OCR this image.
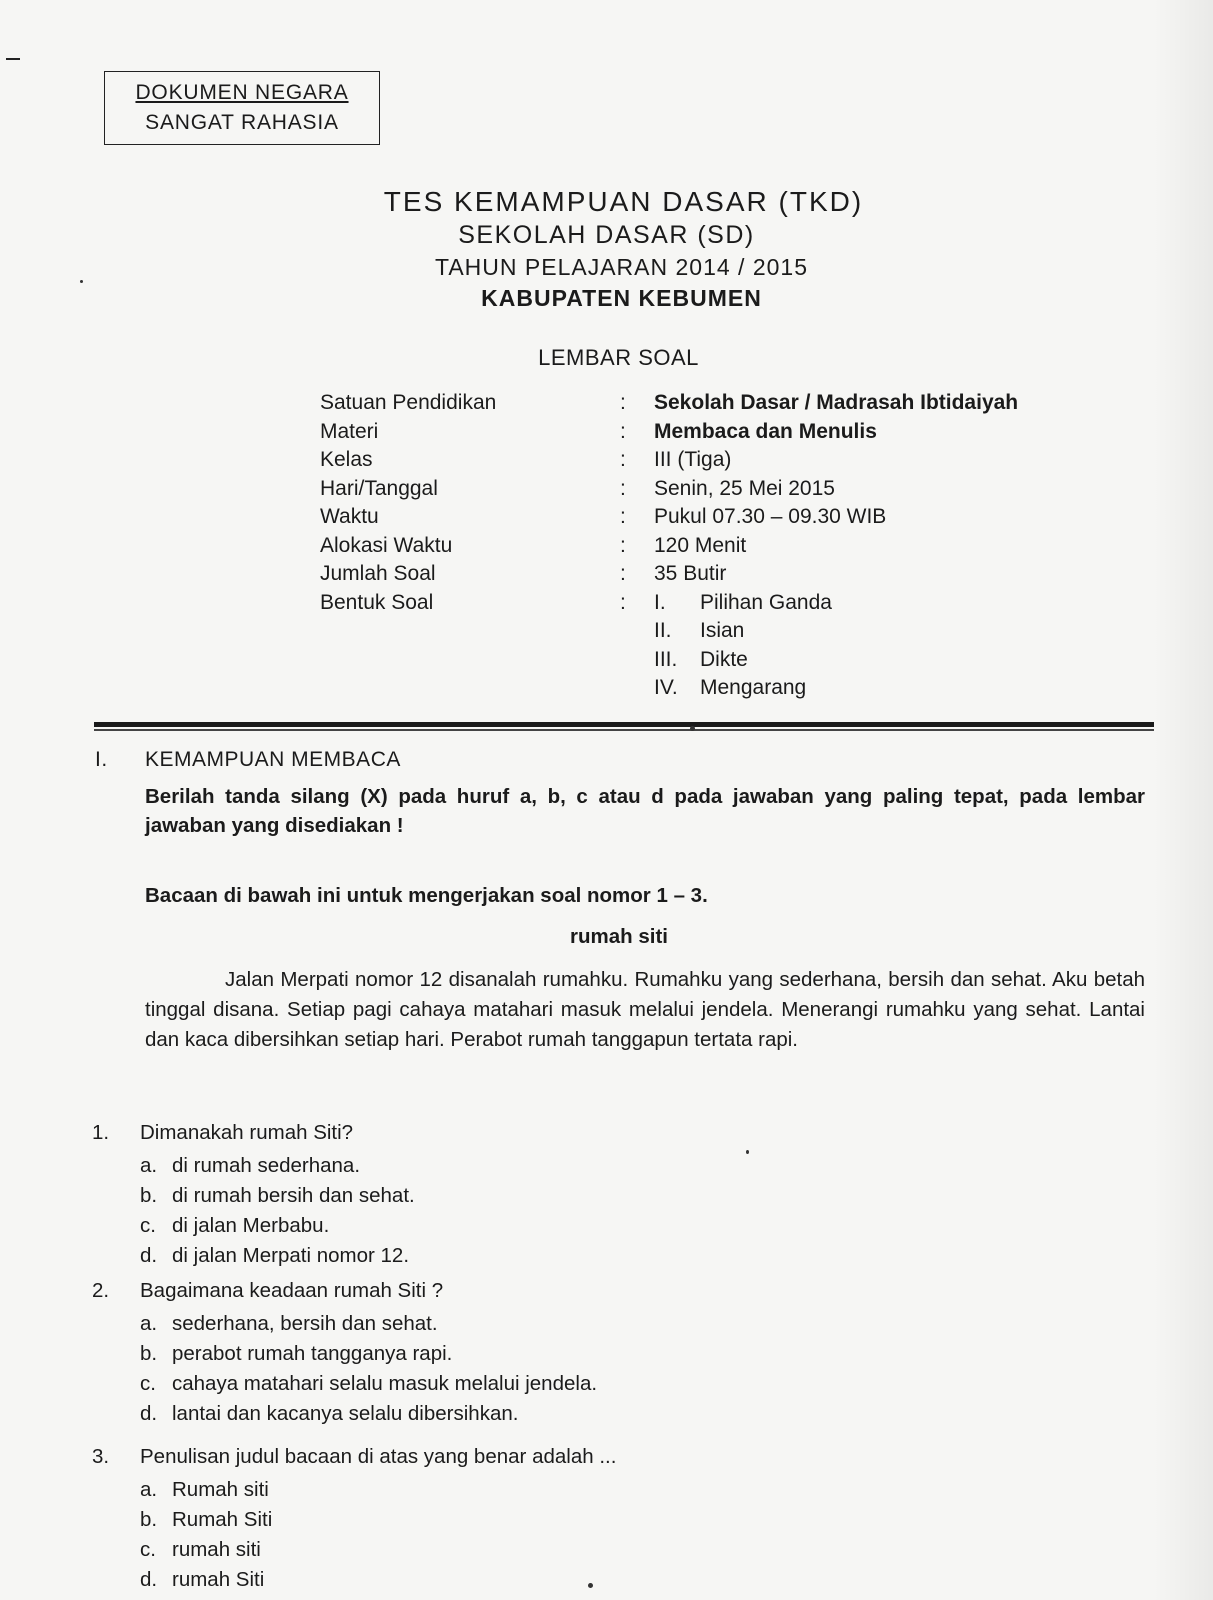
DOKUMEN NEGARA
SANGAT RAHASIA
TES KEMAMPUAN DASAR (TKD)
SEKOLAH DASAR (SD)
TAHUN PELAJARAN 2014 / 2015
KABUPATEN KEBUMEN
LEMBAR SOAL
Satuan Pendidikan	: Sekolah Dasar / Madrasah Ibtidaiyah
Materi	: Membaca dan Menulis
Kelas	: III (Tiga)
Hari/Tanggal	: Senin, 25 Mei 2015
Waktu	: Pukul 07.30 – 09.30 WIB
Alokasi Waktu	: 120 Menit
Jumlah Soal	: 35 Butir
Bentuk Soal	: I. Pilihan Ganda
II. Isian
III. Dikte
IV. Mengarang
I. KEMAMPUAN MEMBACA
Berilah tanda silang (X) pada huruf a, b, c atau d pada jawaban yang paling tepat, pada lembar jawaban yang disediakan !
Bacaan di bawah ini untuk mengerjakan soal nomor 1 – 3.
rumah siti
Jalan Merpati nomor 12 disanalah rumahku. Rumahku yang sederhana, bersih dan sehat. Aku betah tinggal disana. Setiap pagi cahaya matahari masuk melalui jendela. Menerangi rumahku yang sehat. Lantai dan kaca dibersihkan setiap hari. Perabot rumah tanggapun tertata rapi.
1. Dimanakah rumah Siti?
a. di rumah sederhana.
b. di rumah bersih dan sehat.
c. di jalan Merbabu.
d. di jalan Merpati nomor 12.
2. Bagaimana keadaan rumah Siti ?
a. sederhana, bersih dan sehat.
b. perabot rumah tangganya rapi.
c. cahaya matahari selalu masuk melalui jendela.
d. lantai dan kacanya selalu dibersihkan.
3. Penulisan judul bacaan di atas yang benar adalah ...
a. Rumah siti
b. Rumah Siti
c. rumah siti
d. rumah Siti
